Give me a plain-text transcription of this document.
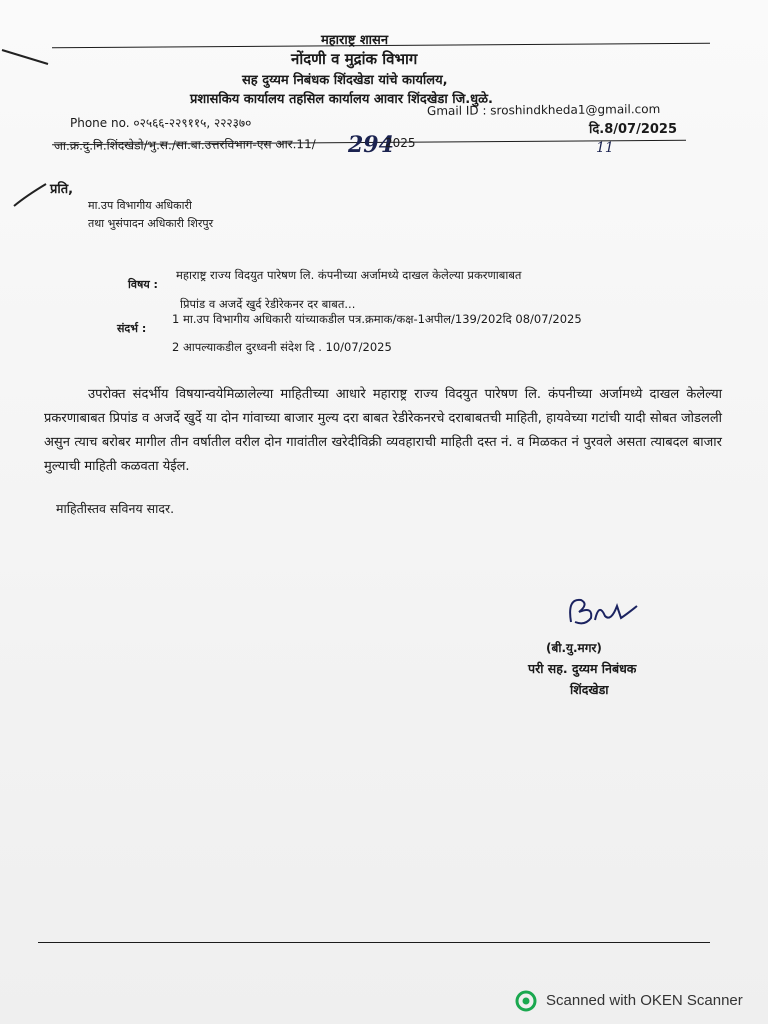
महाराष्ट्र शासन
नोंदणी व मुद्रांक विभाग
सह दुय्यम निबंधक शिंदखेडा यांचे कार्यालय,
प्रशासकिय कार्यालय तहसिल कार्यालय आवार शिंदखेडा जि.धुळे.
Phone no. ०२५६६-२२९११५, २२२३७०
Gmail ID : sroshindkheda1@gmail.com
जा.क्र.दु.नि.शिंदखेडो/भु.स./सा.बा.उत्तरविभाग-एस आर.11/ 294
2025
दि.8/07/2025
11
प्रति,
मा.उप विभागीय अधिकारी
तथा भुसंपादन अधिकारी शिरपुर
विषय :
महाराष्ट्र राज्य विदयुत पारेषण लि. कंपनीच्या अर्जामध्ये दाखल केलेल्या प्रकरणाबाबत
प्रिपांड व अजर्दे खुर्द रेडीरेकनर दर बाबत...
संदर्भ :
1 मा.उप विभागीय अधिकारी यांच्याकडील पत्र.क्रमाक/कक्ष-1अपील/139/202दि 08/07/2025
2 आपल्याकडील दुरध्वनी संदेश दि . 10/07/2025
उपरोक्त संदर्भीय विषयान्वयेमिळालेल्या माहितीच्या आधारे महाराष्ट्र राज्य विदयुत पारेषण लि. कंपनीच्या अर्जामध्ये दाखल केलेल्या प्रकरणाबाबत प्रिपांड व अजर्दे खुर्दे या दोन गांवाच्या बाजार मुल्य दरा बाबत रेडीरेकनरचे दराबाबतची माहिती, हायवेच्या गटांची यादी सोबत जोडलली असुन त्याच बरोबर मागील तीन वर्षातील वरील दोन गावांतील खरेदीविक्री व्यवहाराची माहिती दस्त नं. व मिळकत नं पुरवले असता त्याबदल बाजार मुल्याची माहिती कळवता येईल.
माहितीस्तव सविनय सादर.
(बी.यु.मगर)
परी सह. दुय्यम निबंधक
शिंदखेडा
Scanned with OKEN Scanner
